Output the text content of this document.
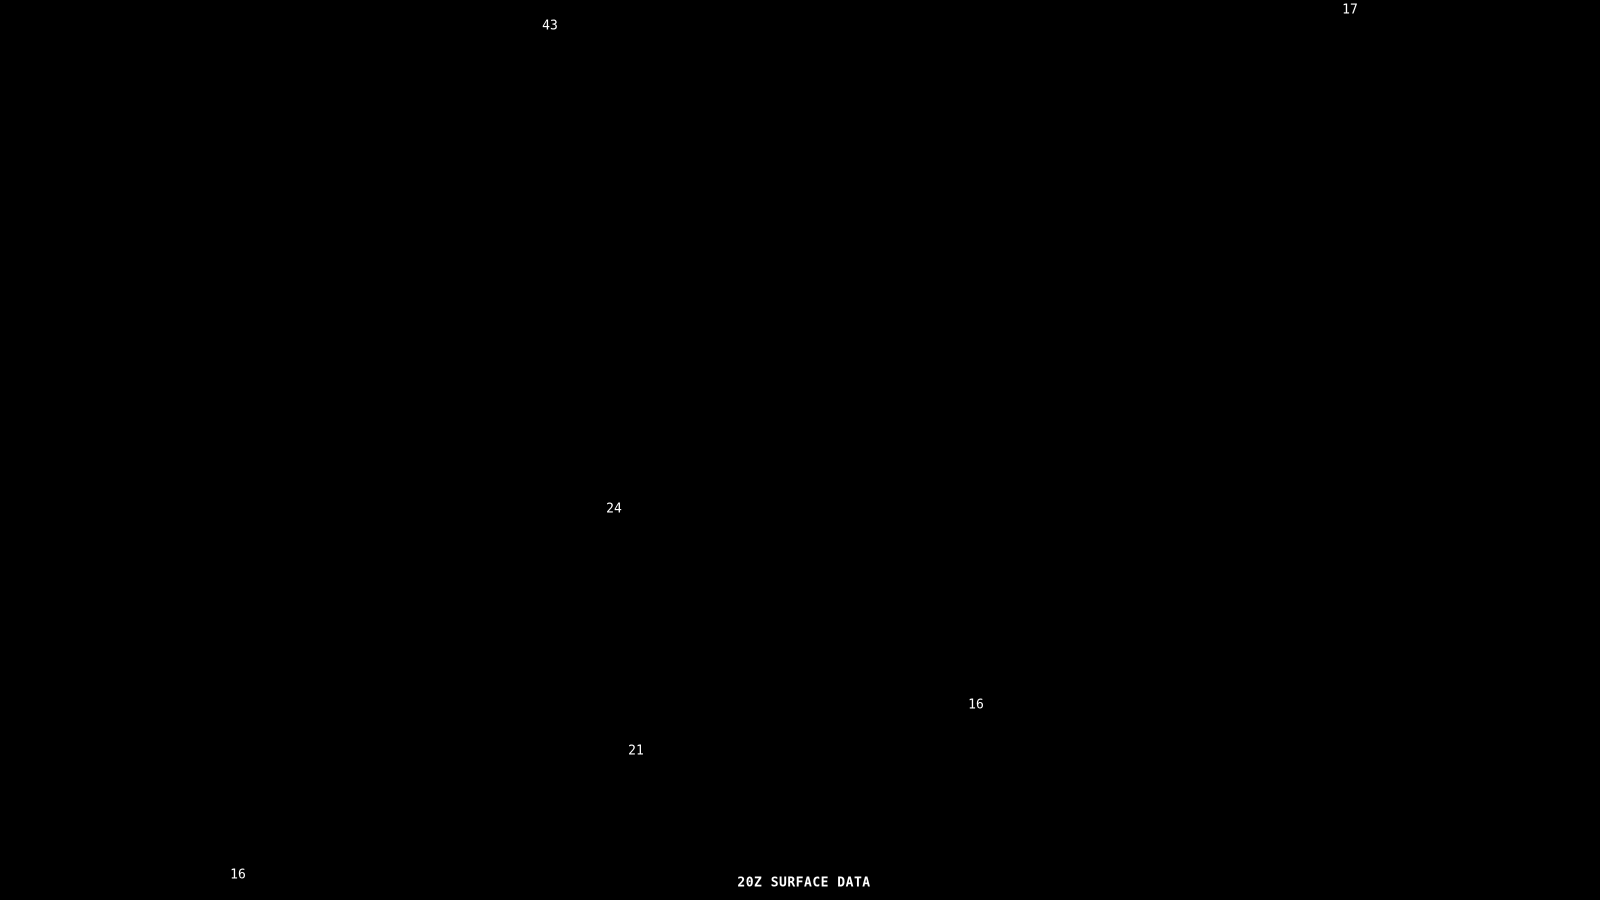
43
17
24
16
21
16
20Z SURFACE DATA
